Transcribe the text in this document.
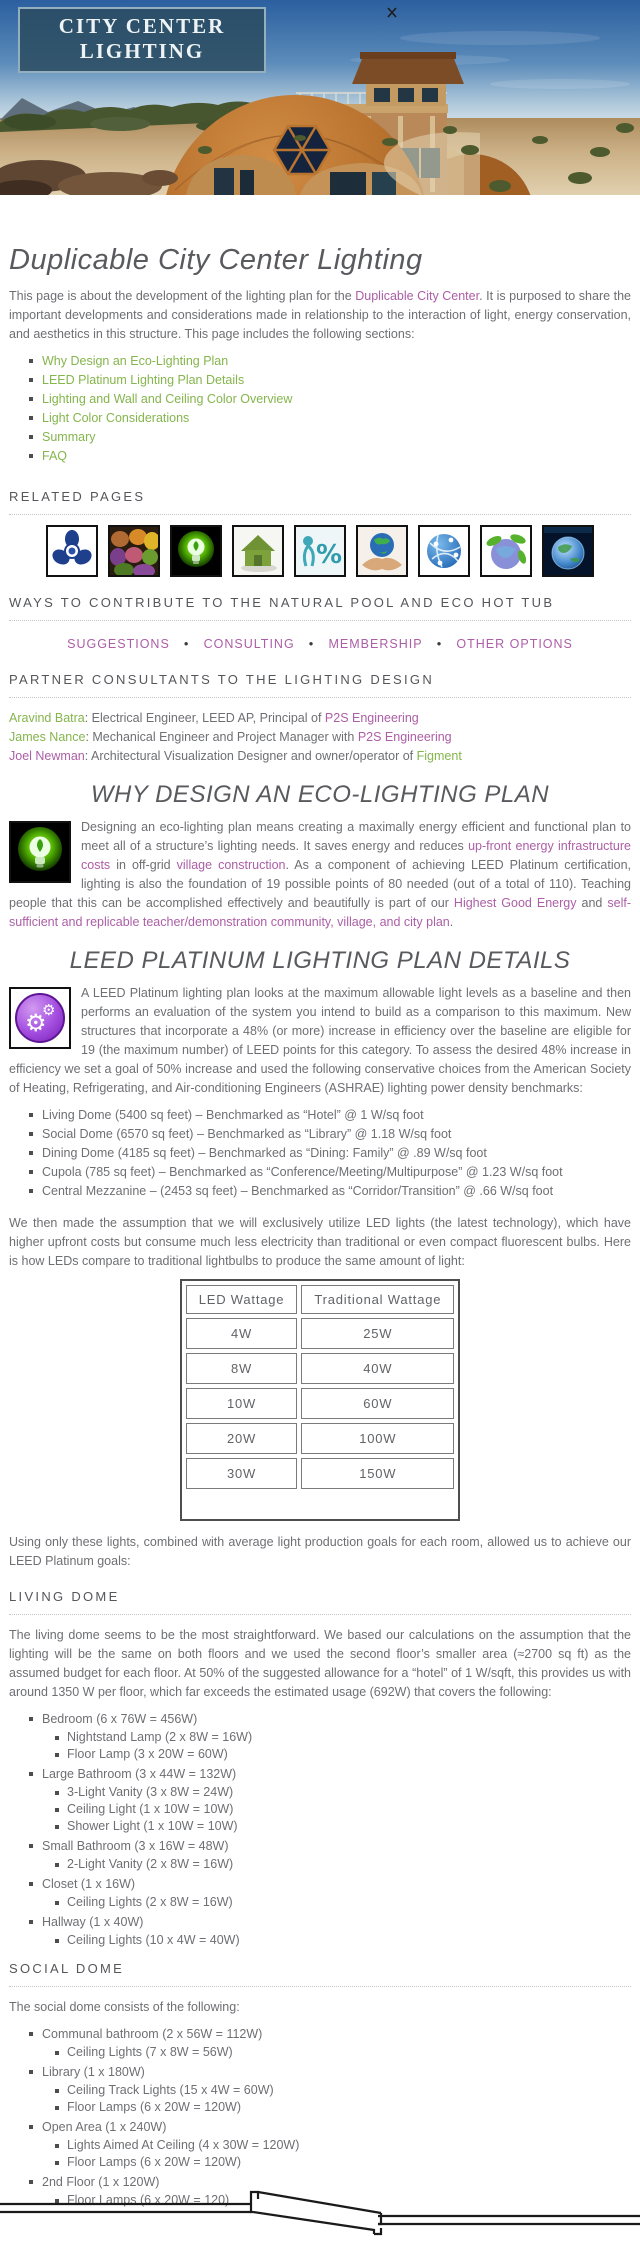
CITY CENTER
LIGHTING
Duplicable City Center Lighting

This page is about the development of the lighting plan for the Duplicable City Center. It is purposed to share the important developments and considerations made in relationship to the interaction of light, energy conservation, and aesthetics in this structure. This page includes the following sections:

Why Design an Eco-Lighting Plan
LEED Platinum Lighting Plan Details
Lighting and Wall and Ceiling Color Overview
Light Color Considerations
Summary
FAQ
RELATED PAGES
%
WAYS TO CONTRIBUTE TO THE NATURAL POOL AND ECO HOT TUB
SUGGESTIONS ● CONSULTING ● MEMBERSHIP ● OTHER OPTIONS
PARTNER CONSULTANTS TO THE LIGHTING DESIGN

Aravind Batra: Electrical Engineer, LEED AP, Principal of P2S Engineering

James Nance: Mechanical Engineer and Project Manager with P2S Engineering

Joel Newman: Architectural Visualization Designer and owner/operator of Figment

WHY DESIGN AN ECO-LIGHTING PLAN
Designing an eco-lighting plan means creating a maximally energy efficient and functional plan to meet all of a structure’s lighting needs. It saves energy and reduces up-front energy infrastructure costs in off-grid village construction. As a component of achieving LEED Platinum certification, lighting is also the foundation of 19 possible points of 80 needed (out of a total of 110). Teaching people that this can be accomplished effectively and beautifully is part of our Highest Good Energy and self-sufficient and replicable teacher/demonstration community, village, and city plan.
LEED PLATINUM LIGHTING PLAN DETAILS
⚙
⚙
A LEED Platinum lighting plan looks at the maximum allowable light levels as a baseline and then performs an evaluation of the system you intend to build as a comparison to this maximum. New structures that incorporate a 48% (or more) increase in efficiency over the baseline are eligible for 19 (the maximum number) of LEED points for this category. To assess the desired 48% increase in efficiency we set a goal of 50% increase and used the following conservative choices from the American Society of Heating, Refrigerating, and Air-conditioning Engineers (ASHRAE) lighting power density benchmarks:
Living Dome (5400 sq feet) – Benchmarked as “Hotel” @ 1 W/sq foot
Social Dome (6570 sq feet) – Benchmarked as “Library” @ 1.18 W/sq foot
Dining Dome (4185 sq feet) – Benchmarked as “Dining: Family” @ .89 W/sq foot
Cupola (785 sq feet) – Benchmarked as “Conference/Meeting/Multipurpose” @ 1.23 W/sq foot
Central Mezzanine – (2453 sq feet) – Benchmarked as “Corridor/Transition” @ .66 W/sq foot

We then made the assumption that we will exclusively utilize LED lights (the latest technology), which have higher upfront costs but consume much less electricity than traditional or even compact fluorescent bulbs. Here is how LEDs compare to traditional lightbulbs to produce the same amount of light:

LED Wattage	Traditional Wattage
4W	25W
8W	40W
10W	60W
20W	100W
30W	150W

Using only these lights, combined with average light production goals for each room, allowed us to achieve our LEED Platinum goals:

LIVING DOME

The living dome seems to be the most straightforward. We based our calculations on the assumption that the lighting will be the same on both floors and we used the second floor’s smaller area (≈2700 sq ft) as the assumed budget for each floor. At 50% of the suggested allowance for a “hotel” of 1 W/sqft, this provides us with around 1350 W per floor, which far exceeds the estimated usage (692W) that covers the following:

Bedroom (6 x 76W = 456W)
Nightstand Lamp (2 x 8W = 16W)
Floor Lamp (3 x 20W = 60W)
Large Bathroom (3 x 44W = 132W)
3-Light Vanity (3 x 8W = 24W)
Ceiling Light (1 x 10W = 10W)
Shower Light (1 x 10W = 10W)
Small Bathroom (3 x 16W = 48W)
2-Light Vanity (2 x 8W = 16W)
Closet (1 x 16W)
Ceiling Lights (2 x 8W = 16W)
Hallway (1 x 40W)
Ceiling Lights (10 x 4W = 40W)
SOCIAL DOME

The social dome consists of the following:

Communal bathroom (2 x 56W = 112W)
Ceiling Lights (7 x 8W = 56W)
Library (1 x 180W)
Ceiling Track Lights (15 x 4W = 60W)
Floor Lamps (6 x 20W = 120W)
Open Area (1 x 240W)
Lights Aimed At Ceiling (4 x 30W = 120W)
Floor Lamps (6 x 20W = 120W)
2nd Floor (1 x 120W)
Floor Lamps (6 x 20W = 120)
